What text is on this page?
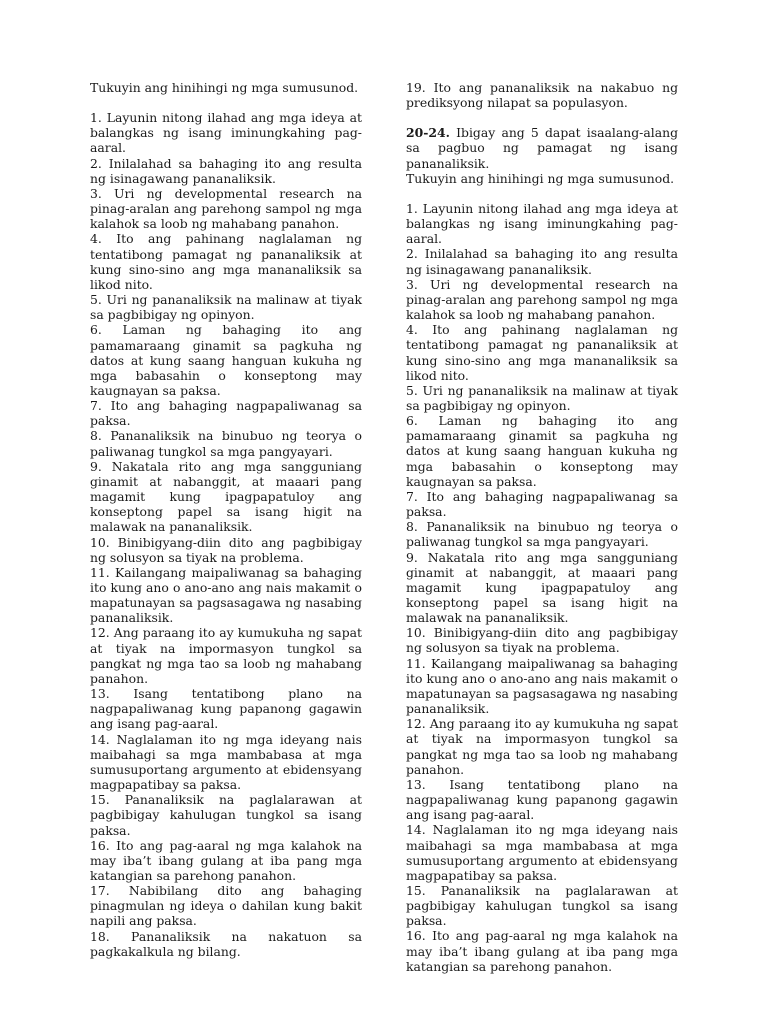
Tukuyin ang hinihingi ng mga sumusunod.

1. Layunin nitong ilahad ang mga ideya at balangkas ng isang iminungkahing pag-aaral.

2. Inilalahad sa bahaging ito ang resulta ng isinagawang pananaliksik.

3. Uri ng developmental research na pinag-aralan ang parehong sampol ng mga kalahok sa loob ng mahabang panahon.

4. Ito ang pahinang naglalaman ng tentatibong pamagat ng pananaliksik at kung sino-sino ang mga mananaliksik sa likod nito.

5. Uri ng pananaliksik na malinaw at tiyak sa pagbibigay ng opinyon.

6. Laman ng bahaging ito ang pamamaraang ginamit sa pagkuha ng datos at kung saang hanguan kukuha ng mga babasahin o konseptong may kaugnayan sa paksa.

7. Ito ang bahaging nagpapaliwanag sa paksa.

8. Pananaliksik na binubuo ng teorya o paliwanag tungkol sa mga pangyayari.

9. Nakatala rito ang mga sangguniang ginamit at nabanggit, at maaari pang magamit kung ipagpapatuloy ang konseptong papel sa isang higit na malawak na pananaliksik.

10. Binibigyang-diin dito ang pagbibigay ng solusyon sa tiyak na problema.

11. Kailangang maipaliwanag sa bahaging ito kung ano o ano-ano ang nais makamit o mapatunayan sa pagsasagawa ng nasabing pananaliksik.

12. Ang paraang ito ay kumukuha ng sapat at tiyak na impormasyon tungkol sa pangkat ng mga tao sa loob ng mahabang panahon.

13. Isang tentatibong plano na nagpapaliwanag kung papanong gagawin ang isang pag-aaral.

14. Naglalaman ito ng mga ideyang nais maibahagi sa mga mambabasa at mga sumusuportang argumento at ebidensyang magpapatibay sa paksa.

15. Pananaliksik na paglalarawan at pagbibigay kahulugan tungkol sa isang paksa.

16. Ito ang pag-aaral ng mga kalahok na may iba’t ibang gulang at iba pang mga katangian sa parehong panahon.

17. Nabibilang dito ang bahaging pinagmulan ng ideya o dahilan kung bakit napili ang paksa.

18. Pananaliksik na nakatuon sa pagkakalkula ng bilang.

19. Ito ang pananaliksik na nakabuo ng prediksyong nilapat sa populasyon.

20-24. Ibigay ang 5 dapat isaalang-alang sa pagbuo ng pamagat ng isang pananaliksik.

Tukuyin ang hinihingi ng mga sumusunod.

1. Layunin nitong ilahad ang mga ideya at balangkas ng isang iminungkahing pag-aaral.

2. Inilalahad sa bahaging ito ang resulta ng isinagawang pananaliksik.

3. Uri ng developmental research na pinag-aralan ang parehong sampol ng mga kalahok sa loob ng mahabang panahon.

4. Ito ang pahinang naglalaman ng tentatibong pamagat ng pananaliksik at kung sino-sino ang mga mananaliksik sa likod nito.

5. Uri ng pananaliksik na malinaw at tiyak sa pagbibigay ng opinyon.

6. Laman ng bahaging ito ang pamamaraang ginamit sa pagkuha ng datos at kung saang hanguan kukuha ng mga babasahin o konseptong may kaugnayan sa paksa.

7. Ito ang bahaging nagpapaliwanag sa paksa.

8. Pananaliksik na binubuo ng teorya o paliwanag tungkol sa mga pangyayari.

9. Nakatala rito ang mga sangguniang ginamit at nabanggit, at maaari pang magamit kung ipagpapatuloy ang konseptong papel sa isang higit na malawak na pananaliksik.

10. Binibigyang-diin dito ang pagbibigay ng solusyon sa tiyak na problema.

11. Kailangang maipaliwanag sa bahaging ito kung ano o ano-ano ang nais makamit o mapatunayan sa pagsasagawa ng nasabing pananaliksik.

12. Ang paraang ito ay kumukuha ng sapat at tiyak na impormasyon tungkol sa pangkat ng mga tao sa loob ng mahabang panahon.

13. Isang tentatibong plano na nagpapaliwanag kung papanong gagawin ang isang pag-aaral.

14. Naglalaman ito ng mga ideyang nais maibahagi sa mga mambabasa at mga sumusuportang argumento at ebidensyang magpapatibay sa paksa.

15. Pananaliksik na paglalarawan at pagbibigay kahulugan tungkol sa isang paksa.

16. Ito ang pag-aaral ng mga kalahok na may iba’t ibang gulang at iba pang mga katangian sa parehong panahon.
